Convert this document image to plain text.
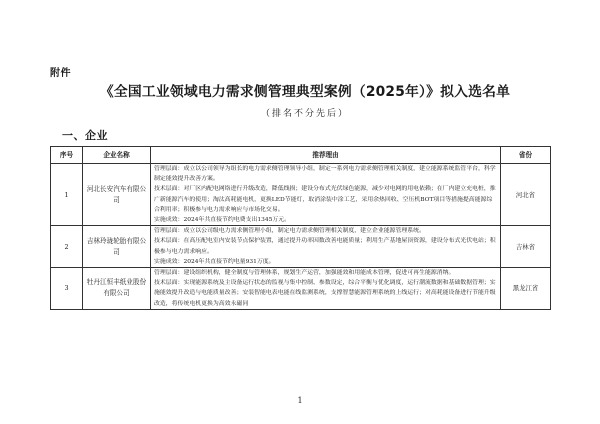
附件
《全国工业领域电力需求侧管理典型案例（2025年）》拟入选名单
（排名不分先后）
一、企业
序号	企业名称	推荐理由	省份
1	河北长安汽车有限公司	管理层面：成立以公司领导为组长的电力需求侧管理领导小组，制定一系列电力需求侧管理相关制度，建立能源系统监管平台，科学制定能效提升改善方案。

技术层面：对厂区内配电网络进行升级改造，降低线损；建设分布式光伏绿色能源，减少对电网的用电依赖；在厂内建立充电桩，推广新能源汽车的使用；淘汰高耗能电机，更换LED节能灯，取消涂装中涂工艺，采用余热回收、空压机BOT项目等措施提高能源综合利用率；积极参与电力需求响应与市场化交易。

实施成效：2024年共直接节约电费支出1345万元。	河北省
2	吉林玲珑轮胎有限公司	管理层面：成立以公司级电力需求侧管理小组，制定电力需求侧管理相关制度，建立企业能源管理系统。

技术层面：在高压配电室内安装节点保护装置，通过提升功率因数改善电能质量；利用生产基地屋顶资源，建设分布式光伏电站；积极参与电力需求响应。

实施成效：2024年共直接节约电量931万度。	吉林省
3	牡丹江恒丰纸业股份有限公司	管理层面：建设组织机构，健全制度与管理体系，规划生产运营，加强能效和用能成本管理，促进可再生能源消纳。

技术层面：实现能源系统及主设备运行状态的监视与集中控制、参数设定，综合平衡与优化调度，运行潮流数据和基础数据管理；实施能效提升改造与电能质量改善；安装智能电表电能在线监测系统，支撑智慧能源管理系统的上线运行；对高耗能设备进行节能升级改造，将传统电机更换为高效永磁同	黑龙江省
1
